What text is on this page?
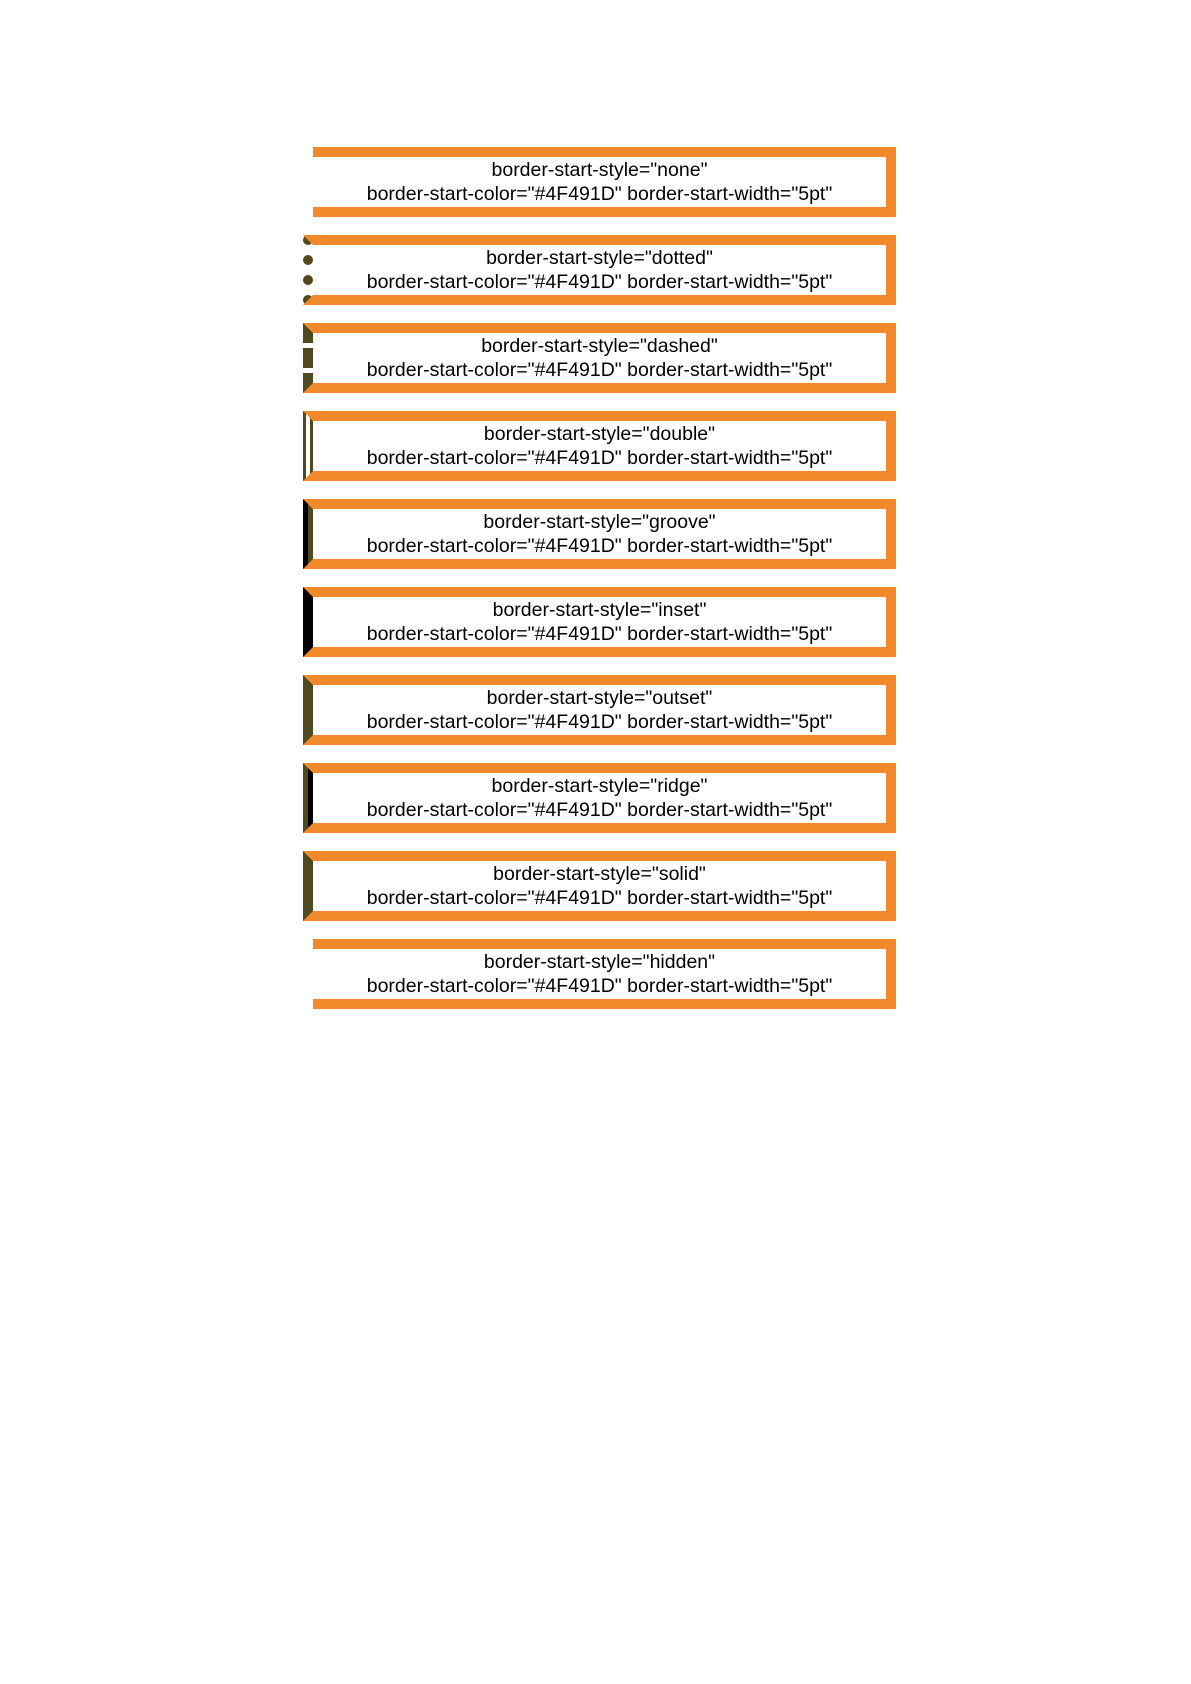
border-start-style="none"
border-start-color="#4F491D" border-start-width="5pt"
border-start-style="dotted"
border-start-color="#4F491D" border-start-width="5pt"
border-start-style="dashed"
border-start-color="#4F491D" border-start-width="5pt"
border-start-style="double"
border-start-color="#4F491D" border-start-width="5pt"
border-start-style="groove"
border-start-color="#4F491D" border-start-width="5pt"
border-start-style="inset"
border-start-color="#4F491D" border-start-width="5pt"
border-start-style="outset"
border-start-color="#4F491D" border-start-width="5pt"
border-start-style="ridge"
border-start-color="#4F491D" border-start-width="5pt"
border-start-style="solid"
border-start-color="#4F491D" border-start-width="5pt"
border-start-style="hidden"
border-start-color="#4F491D" border-start-width="5pt"
